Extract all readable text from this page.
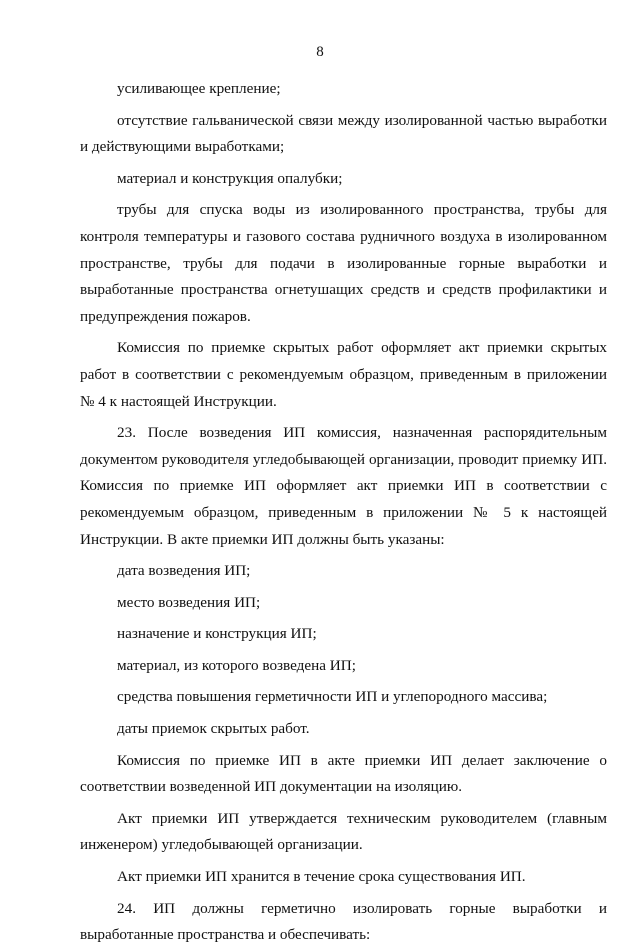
8

усиливающее крепление;

отсутствие гальванической связи между изолированной частью выработки и действующими выработками;

материал и конструкция опалубки;

трубы для спуска воды из изолированного пространства, трубы для контроля температуры и газового состава рудничного воздуха в изолированном пространстве, трубы для подачи в изолированные горные выработки и выработанные пространства огнетушащих средств и средств профилактики и предупреждения пожаров.

Комиссия по приемке скрытых работ оформляет акт приемки скрытых работ в соответствии с рекомендуемым образцом, приведенным в приложении № 4 к настоящей Инструкции.

23. После возведения ИП комиссия, назначенная распорядительным документом руководителя угледобывающей организации, проводит приемку ИП. Комиссия по приемке ИП оформляет акт приемки ИП в соответствии с рекомендуемым образцом, приведенным в приложении № 5 к настоящей Инструкции. В акте приемки ИП должны быть указаны:

дата возведения ИП;

место возведения ИП;

назначение и конструкция ИП;

материал, из которого возведена ИП;

средства повышения герметичности ИП и углепородного массива;

даты приемок скрытых работ.

Комиссия по приемке ИП в акте приемки ИП делает заключение о соответствии возведенной ИП документации на изоляцию.

Акт приемки ИП утверждается техническим руководителем (главным инженером) угледобывающей организации.

Акт приемки ИП хранится в течение срока существования ИП.

24. ИП должны герметично изолировать горные выработки и выработанные пространства и обеспечивать:
